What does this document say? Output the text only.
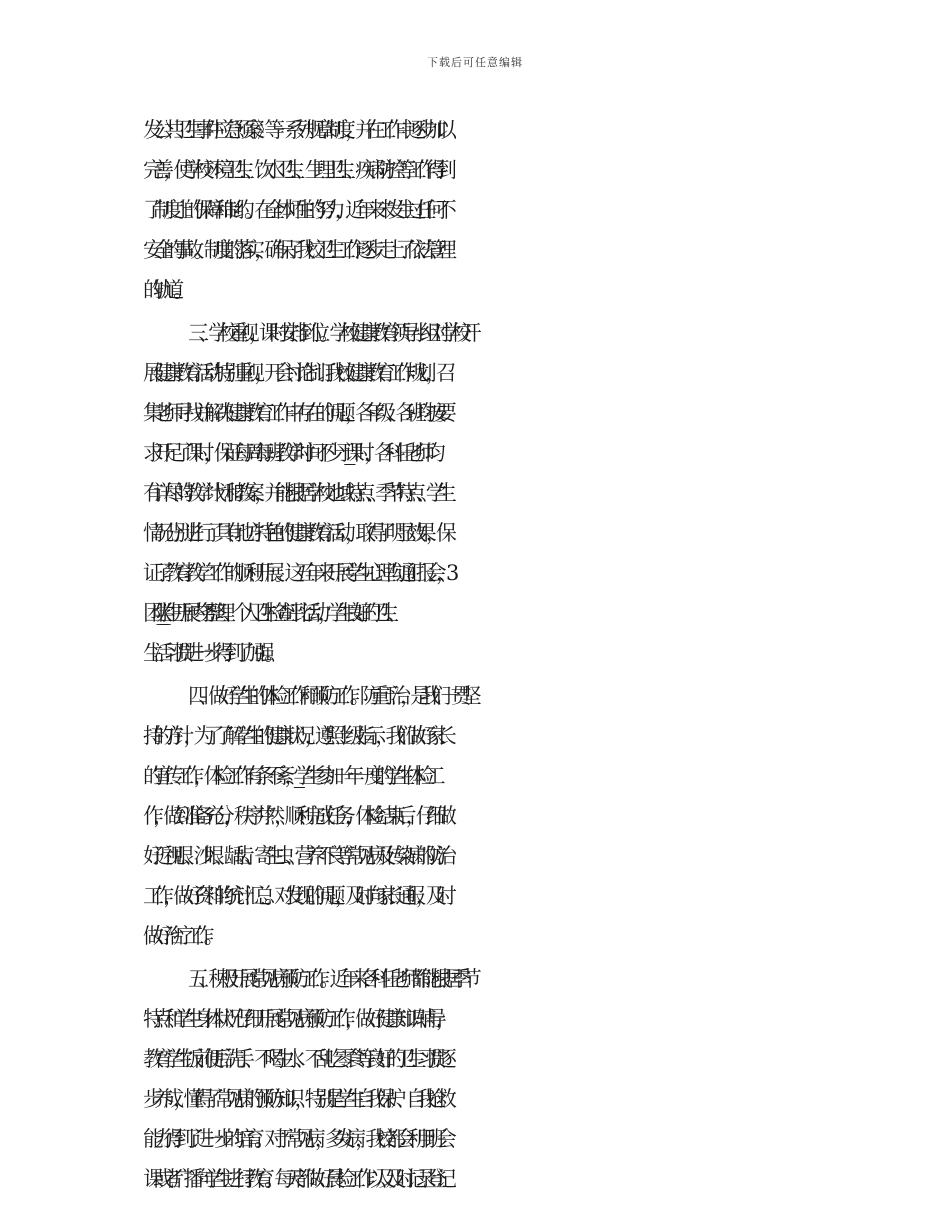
下载后可任意编辑
发公共卫生事件应急预案》等一系列规章制度，并在工作中逐步加以
完善，使学校环境卫生、饮水卫生、生理卫生、疾病防控等工作得到
了制度上的保障和制约。在全体师生的努力，近年来未发生过任何不
安全的事故。制度的落实，确保了我校卫生工作逐步走上了依法管理
的轨道。
三、学校重视，课时安排到位。学校健康教育领导小组对学校开
展健康教育活动特别重视，开会讨论制订我校健康教育工作规划，召
集老师寻找并解决健康教育工作中存在的问题，各年级、各班均按要
求开足了课时，保证每周每班教学时间不少于___课时，各科任老师均
有详尽的教学计划和教案，并能根据学校地域特点、季节特点、学生
情况分别进行了具有地方特色的健康教育活动，取得了明显效果，保
证了教育教学工作的顺利开展。这五年来开展学生心理沟通汇报会，3
团队___学生开展内务整理、个人卫生检查评比活动，学生良好的卫生、
生活习惯进一步得到了加强。
四、做好学生的体检工作和预防工作。防重于治，是我们一贯坚
持的方针，为了了解学生的健康状况，遵照上级指示，我们做好家长
的宣传工作，体检工作有条不紊，___学生参加一年一度的学生体检工
作，做到准备充分，秩序井然，顺利完成任务，体检结束后，仔细做
好近视眼、沙眼、龋齿、寄生虫、营养不良等常见病及传染病的防治
工作，做好资料的统计汇总。对发现的问题，及时向家长通报，及时
做好治疗工作。
五、积极开展常见病预防工作。近年来各科任老师都能根据季节
特点和学生身体状况仔细开展常见病预防工作，做好健康知识辅导，
教育学生饭前便后洗手、不喝生水、不乱吃零食等良好的卫生习惯逐
步养成，懂得了常见病的预防知识，特别是学生自我保护、自我抢救
能力得到了进一步的培育。对于常见病，多发病，我校都会利用班会
课或者广播向学生进行教育。每天都做好晨检工作以及及时记录登记
